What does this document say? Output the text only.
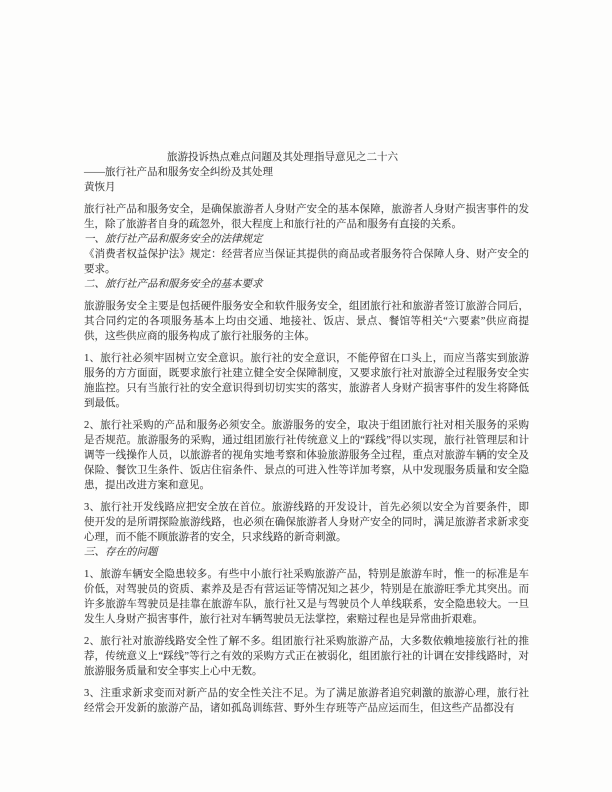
旅游投诉热点难点问题及其处理指导意见之二十六
——旅行社产品和服务安全纠纷及其处理
黄恢月

旅行社产品和服务安全，是确保旅游者人身财产安全的基本保障，旅游者人身财产损害事件的发生，除了旅游者自身的疏忽外，很大程度上和旅行社的产品和服务有直接的关系。

一、旅行社产品和服务安全的法律规定

《消费者权益保护法》规定：经营者应当保证其提供的商品或者服务符合保障人身、财产安全的要求。

二、旅行社产品和服务安全的基本要求

旅游服务安全主要是包括硬件服务安全和软件服务安全，组团旅行社和旅游者签订旅游合同后，其合同约定的各项服务基本上均由交通、地接社、饭店、景点、餐馆等相关“六要素”供应商提供，这些供应商的服务构成了旅行社服务的主体。

1、旅行社必须牢固树立安全意识。旅行社的安全意识，不能停留在口头上，而应当落实到旅游服务的方方面面，既要求旅行社建立健全安全保障制度，又要求旅行社对旅游全过程服务安全实施监控。只有当旅行社的安全意识得到切切实实的落实，旅游者人身财产损害事件的发生将降低到最低。

2、旅行社采购的产品和服务必须安全。旅游服务的安全，取决于组团旅行社对相关服务的采购是否规范。旅游服务的采购，通过组团旅行社传统意义上的“踩线”得以实现，旅行社管理层和计调等一线操作人员，以旅游者的视角实地考察和体验旅游服务全过程，重点对旅游车辆的安全及保险、餐饮卫生条件、饭店住宿条件、景点的可进入性等详加考察，从中发现服务质量和安全隐患，提出改进方案和意见。

3、旅行社开发线路应把安全放在首位。旅游线路的开发设计，首先必须以安全为首要条件，即使开发的是所谓探险旅游线路，也必须在确保旅游者人身财产安全的同时，满足旅游者求新求变心理，而不能不顾旅游者的安全，只求线路的新奇刺激。

三、存在的问题

1、旅游车辆安全隐患较多。有些中小旅行社采购旅游产品，特别是旅游车时，惟一的标准是车价低，对驾驶员的资质、素养及是否有营运证等情况知之甚少，特别是在旅游旺季尤其突出。而许多旅游车驾驶员是挂靠在旅游车队，旅行社又是与驾驶员个人单线联系，安全隐患较大。一旦发生人身财产损害事件，旅行社对车辆驾驶员无法掌控，索赔过程也是异常曲折艰难。

2、旅行社对旅游线路安全性了解不多。组团旅行社采购旅游产品，大多数依赖地接旅行社的推荐，传统意义上“踩线”等行之有效的采购方式正在被弱化，组团旅行社的计调在安排线路时，对旅游服务质量和安全事实上心中无数。

3、注重求新求变而对新产品的安全性关注不足。为了满足旅游者追究刺激的旅游心理，旅行社经常会开发新的旅游产品，诸如孤岛训练营、野外生存班等产品应运而生，但这些产品都没有
